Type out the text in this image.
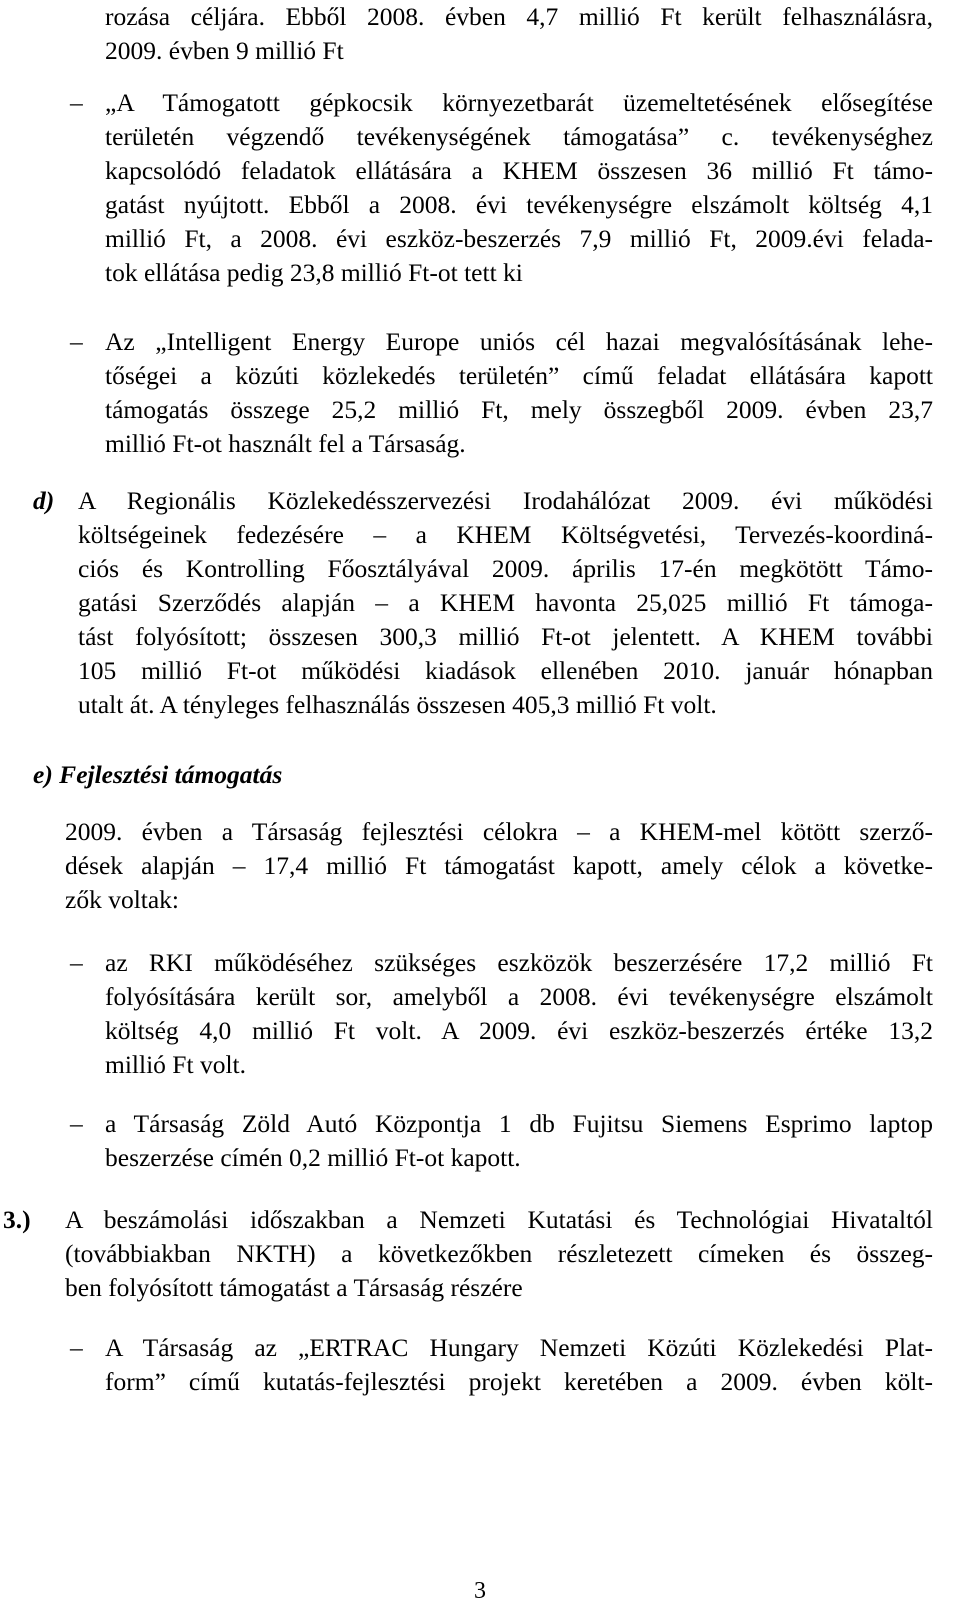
rozása céljára. Ebből 2008. évben 4,7 millió Ft került felhasználásra,
2009. évben 9 millió Ft
– „A Támogatott gépkocsik környezetbarát üzemeltetésének elősegítése
területén végzendő tevékenységének támogatása” c. tevékenységhez
kapcsolódó feladatok ellátására a KHEM összesen 36 millió Ft támo-
gatást nyújtott. Ebből a 2008. évi tevékenységre elszámolt költség 4,1
millió Ft, a 2008. évi eszköz-beszerzés 7,9 millió Ft, 2009.évi felada-
tok ellátása pedig 23,8 millió Ft-ot tett ki
– Az „Intelligent Energy Europe uniós cél hazai megvalósításának lehe-
tőségei a közúti közlekedés területén” című feladat ellátására kapott
támogatás összege 25,2 millió Ft, mely összegből 2009. évben 23,7
millió Ft-ot használt fel a Társaság.
d) A Regionális Közlekedésszervezési Irodahálózat 2009. évi működési
költségeinek fedezésére – a KHEM Költségvetési, Tervezés-koordiná-
ciós és Kontrolling Főosztályával 2009. április 17-én megkötött Támo-
gatási Szerződés alapján – a KHEM havonta 25,025 millió Ft támoga-
tást folyósított; összesen 300,3 millió Ft-ot jelentett. A KHEM további
105 millió Ft-ot működési kiadások ellenében 2010. január hónapban
utalt át. A tényleges felhasználás összesen 405,3 millió Ft volt.
e) Fejlesztési támogatás
2009. évben a Társaság fejlesztési célokra – a KHEM-mel kötött szerző-
dések alapján – 17,4 millió Ft támogatást kapott, amely célok a követke-
zők voltak:
– az RKI működéséhez szükséges eszközök beszerzésére 17,2 millió Ft
folyósítására került sor, amelyből a 2008. évi tevékenységre elszámolt
költség 4,0 millió Ft volt. A 2009. évi eszköz-beszerzés értéke 13,2
millió Ft volt.
– a Társaság Zöld Autó Központja 1 db Fujitsu Siemens Esprimo laptop
beszerzése címén 0,2 millió Ft-ot kapott.
3.) A beszámolási időszakban a Nemzeti Kutatási és Technológiai Hivataltól
(továbbiakban NKTH) a következőkben részletezett címeken és összeg-
ben folyósított támogatást a Társaság részére
– A Társaság az „ERTRAC Hungary Nemzeti Közúti Közlekedési Plat-
form” című kutatás-fejlesztési projekt keretében a 2009. évben költ-
3
